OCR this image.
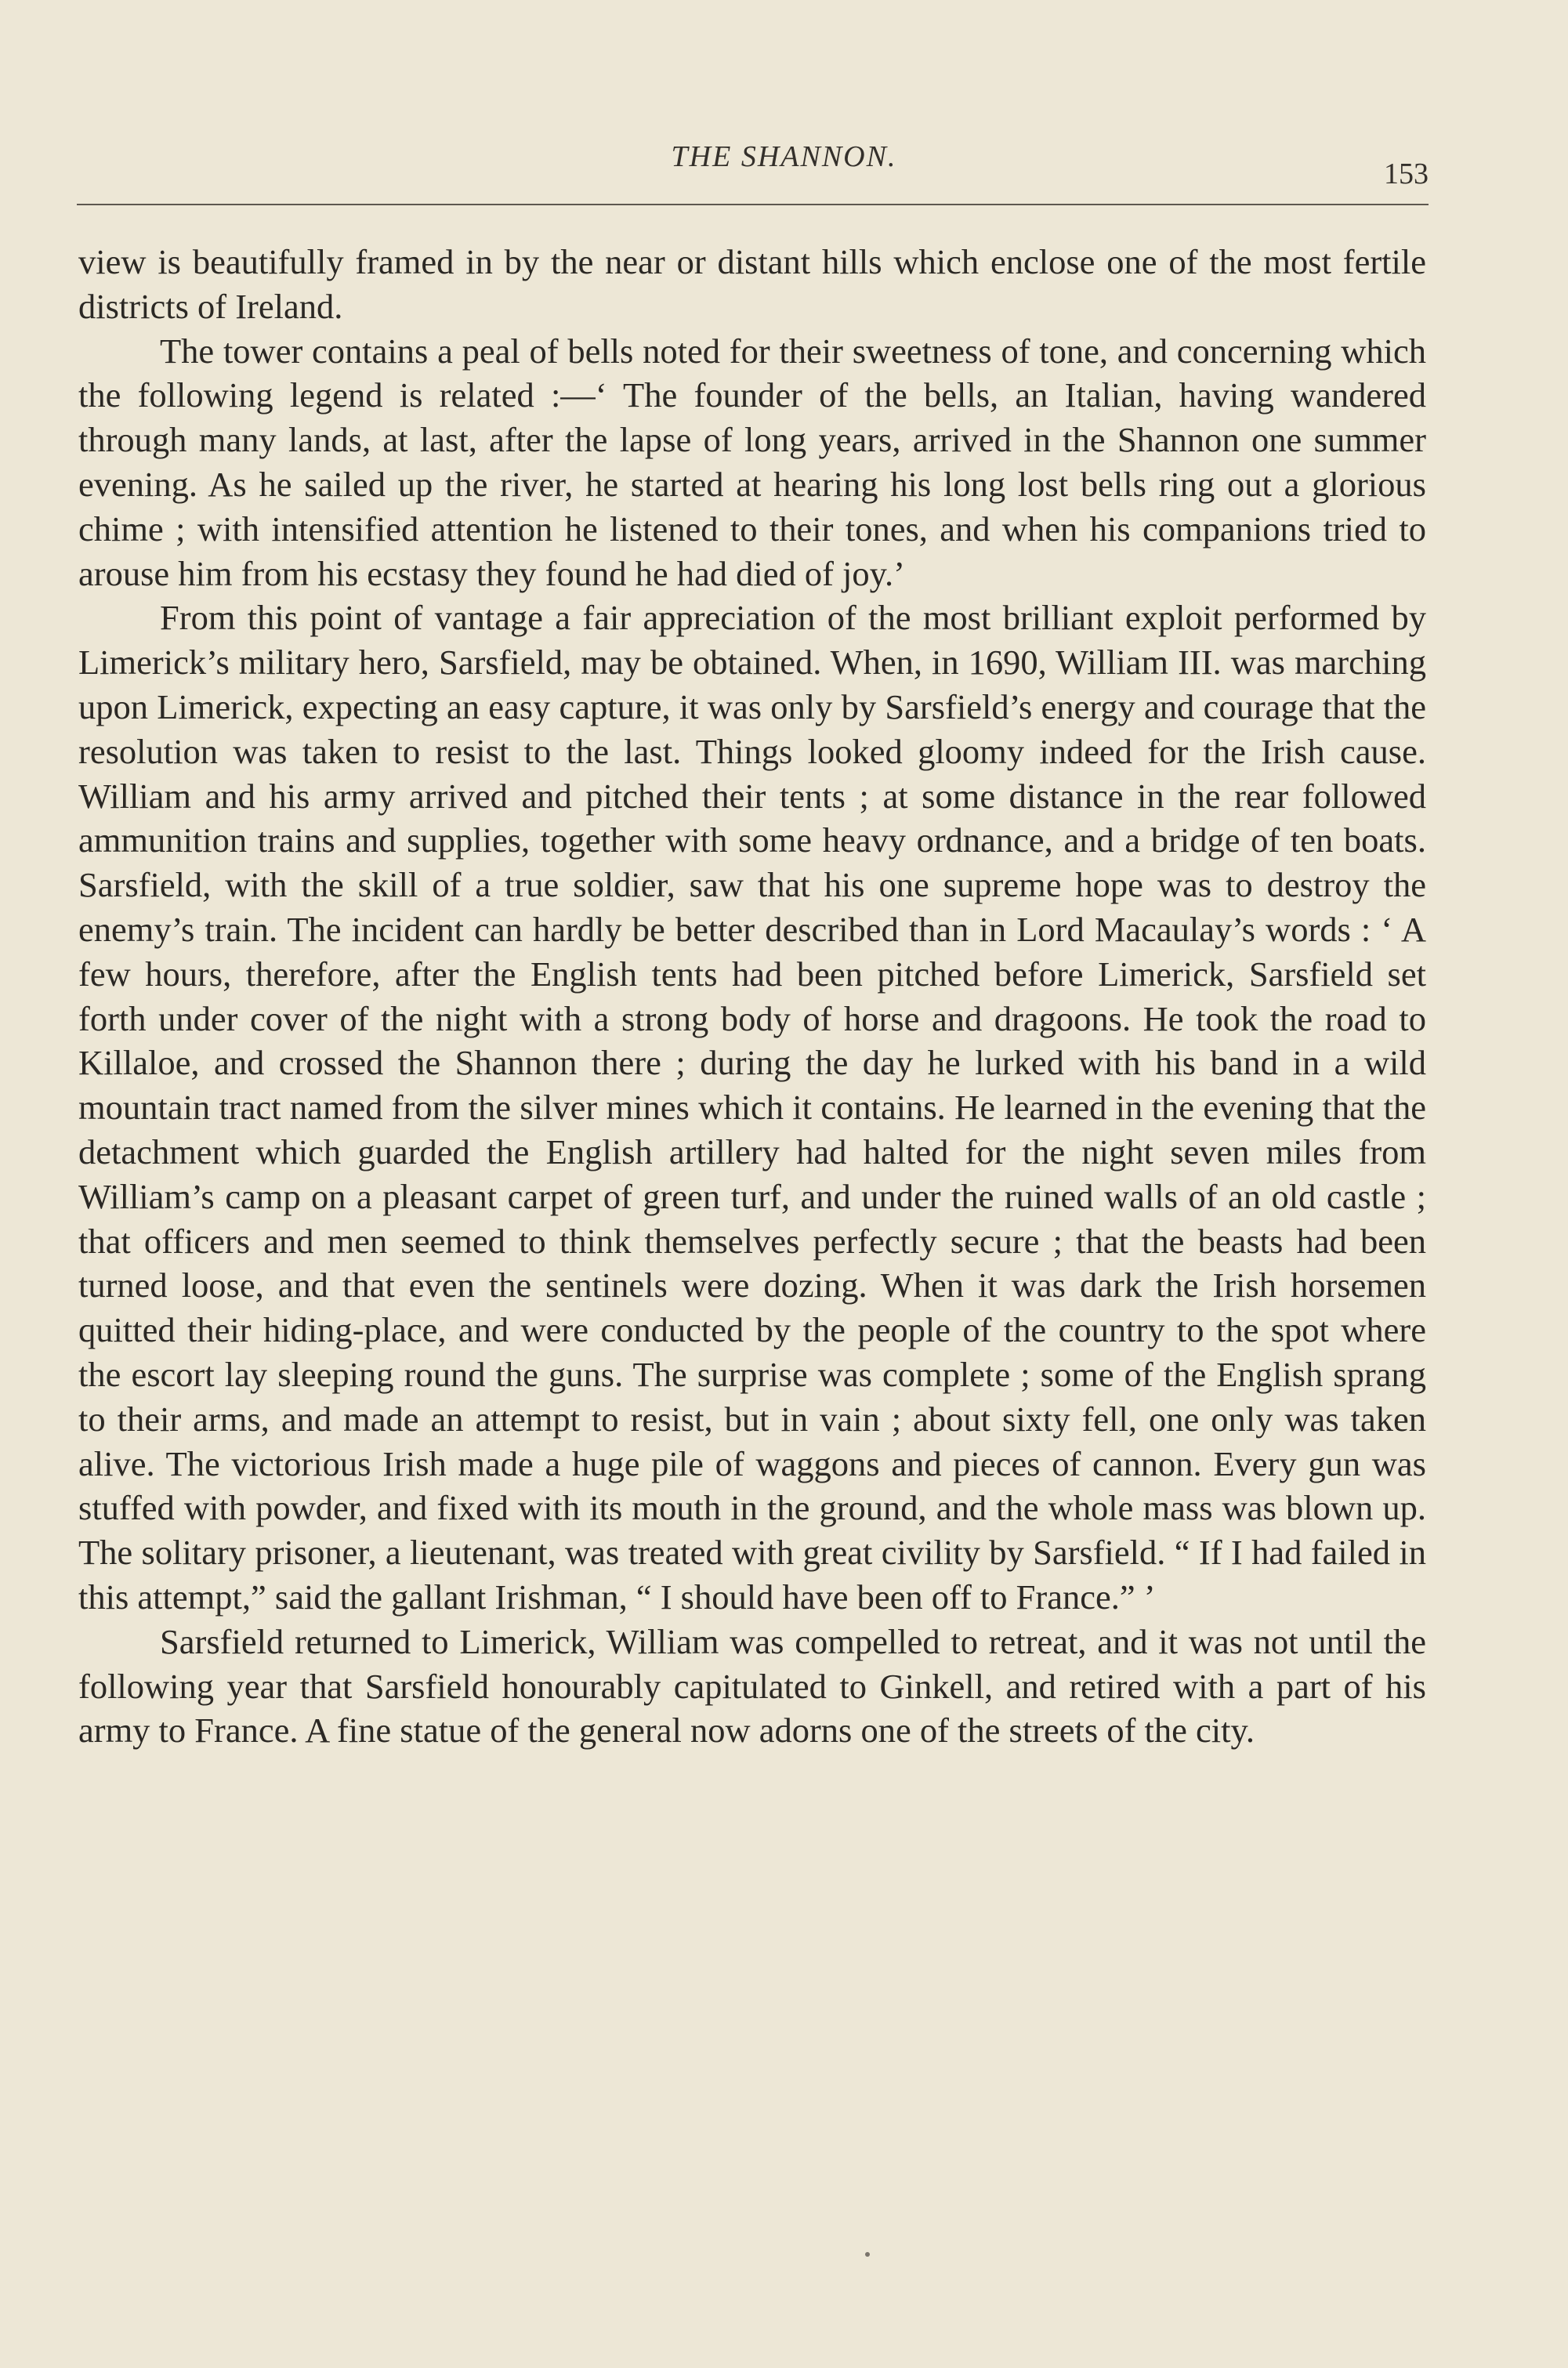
THE SHANNON.
153

view is beautifully framed in by the near or distant hills which enclose one of the most fertile districts of Ireland.

The tower contains a peal of bells noted for their sweetness of tone, and concerning which the following legend is related :—‘ The founder of the bells, an Italian, having wandered through many lands, at last, after the lapse of long years, arrived in the Shannon one summer evening. As he sailed up the river, he started at hearing his long lost bells ring out a glorious chime ; with intensified attention he listened to their tones, and when his companions tried to arouse him from his ecstasy they found he had died of joy.’

From this point of vantage a fair appreciation of the most brilliant exploit performed by Limerick’s military hero, Sarsfield, may be obtained. When, in 1690, William III. was marching upon Limerick, expecting an easy capture, it was only by Sarsfield’s energy and courage that the resolution was taken to resist to the last. Things looked gloomy indeed for the Irish cause. William and his army arrived and pitched their tents ; at some distance in the rear followed ammunition trains and supplies, together with some heavy ordnance, and a bridge of ten boats. Sarsfield, with the skill of a true soldier, saw that his one supreme hope was to destroy the enemy’s train. The incident can hardly be better described than in Lord Macaulay’s words : ‘ A few hours, therefore, after the English tents had been pitched before Limerick, Sarsfield set forth under cover of the night with a strong body of horse and dragoons. He took the road to Killaloe, and crossed the Shannon there ; during the day he lurked with his band in a wild mountain tract named from the silver mines which it contains. He learned in the evening that the detachment which guarded the English artillery had halted for the night seven miles from William’s camp on a pleasant carpet of green turf, and under the ruined walls of an old castle ; that officers and men seemed to think themselves perfectly secure ; that the beasts had been turned loose, and that even the sentinels were dozing. When it was dark the Irish horsemen quitted their hiding-place, and were conducted by the people of the country to the spot where the escort lay sleeping round the guns. The surprise was complete ; some of the English sprang to their arms, and made an attempt to resist, but in vain ; about sixty fell, one only was taken alive. The victorious Irish made a huge pile of waggons and pieces of cannon. Every gun was stuffed with powder, and fixed with its mouth in the ground, and the whole mass was blown up. The solitary prisoner, a lieutenant, was treated with great civility by Sarsfield. “ If I had failed in this attempt,” said the gallant Irishman, “ I should have been off to France.” ’

Sarsfield returned to Limerick, William was compelled to retreat, and it was not until the following year that Sarsfield honourably capitulated to Ginkell, and retired with a part of his army to France. A fine statue of the general now adorns one of the streets of the city.
